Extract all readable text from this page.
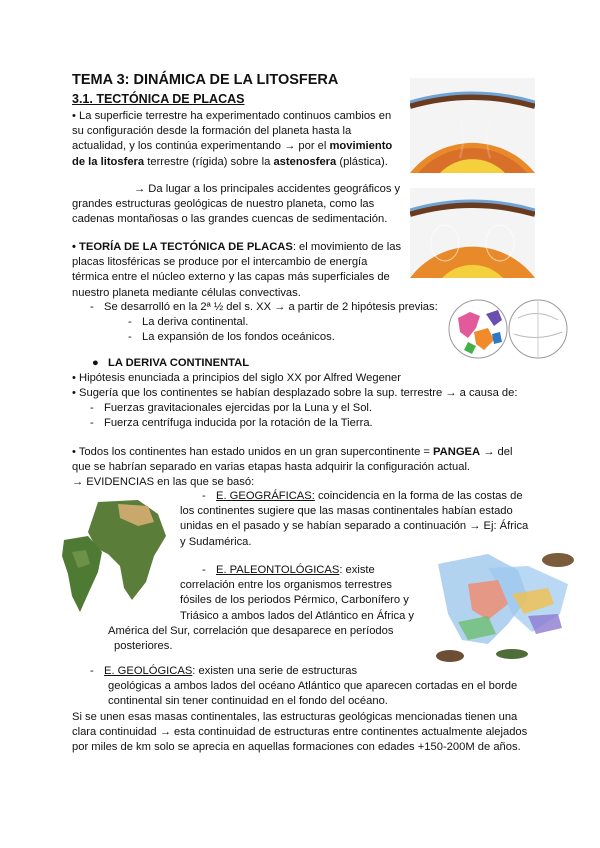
TEMA 3: DINÁMICA DE LA LITOSFERA
3.1. TECTÓNICA DE PLACAS
• La superficie terrestre ha experimentado continuos cambios en
su configuración desde la formación del planeta hasta la
actualidad, y los continúa experimentando → por el movimiento
de la litosfera terrestre (rígida) sobre la astenosfera (plástica).
→ Da lugar a los principales accidentes geográficos y
grandes estructuras geológicas de nuestro planeta, como las
cadenas montañosas o las grandes cuencas de sedimentación.
• TEORÍA DE LA TECTÓNICA DE PLACAS: el movimiento de las
placas litosféricas se produce por el intercambio de energía
térmica entre el núcleo externo y las capas más superficiales de
nuestro planeta mediante células convectivas.
- Se desarrolló en la 2ª ½ del s. XX → a partir de 2 hipótesis previas:
- La deriva continental.
- La expansión de los fondos oceánicos.
● LA DERIVA CONTINENTAL
• Hipótesis enunciada a principios del siglo XX por Alfred Wegener
• Sugería que los continentes se habían desplazado sobre la sup. terrestre → a causa de:
- Fuerzas gravitacionales ejercidas por la Luna y el Sol.
- Fuerza centrífuga inducida por la rotación de la Tierra.
• Todos los continentes han estado unidos en un gran supercontinente = PANGEA → del
que se habrían separado en varias etapas hasta adquirir la configuración actual.
→ EVIDENCIAS en las que se basó:
- E. GEOGRÁFICAS: coincidencia en la forma de las costas de
los continentes sugiere que las masas continentales habían estado
unidas en el pasado y se habían separado a continuación → Ej: África
y Sudamérica.
- E. PALEONTOLÓGICAS: existe
correlación entre los organismos terrestres
fósiles de los periodos Pérmico, Carbonífero y
Triásico a ambos lados del Atlántico en África y
América del Sur, correlación que desaparece en períodos
posteriores.
- E. GEOLÓGICAS: existen una serie de estructuras
geológicas a ambos lados del océano Atlántico que aparecen cortadas en el borde
continental sin tener continuidad en el fondo del océano.
Si se unen esas masas continentales, las estructuras geológicas mencionadas tienen una
clara continuidad → esta continuidad de estructuras entre continentes actualmente alejados
por miles de km solo se aprecia en aquellas formaciones con edades +150-200M de años.
